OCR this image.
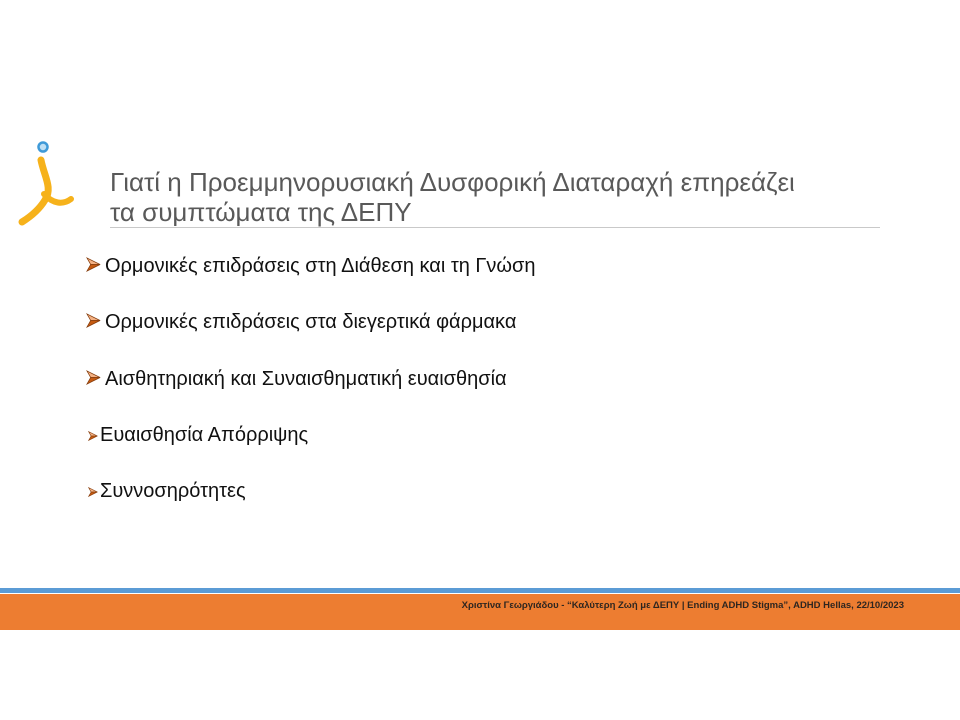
Γιατί η Προεμμηνορυσιακή Δυσφορική Διαταραχή επηρεάζει
τα συμπτώματα της ΔΕΠΥ
Ορμονικές επιδράσεις στη Διάθεση και τη Γνώση
Ορμονικές επιδράσεις στα διεγερτικά φάρμακα
Αισθητηριακή και Συναισθηματική ευαισθησία
Ευαισθησία Απόρριψης
Συννοσηρότητες
Χριστίνα Γεωργιάδου - “Καλύτερη Ζωή με ΔΕΠΥ | Ending ADHD Stigma”, ADHD Hellas, 22/10/2023
